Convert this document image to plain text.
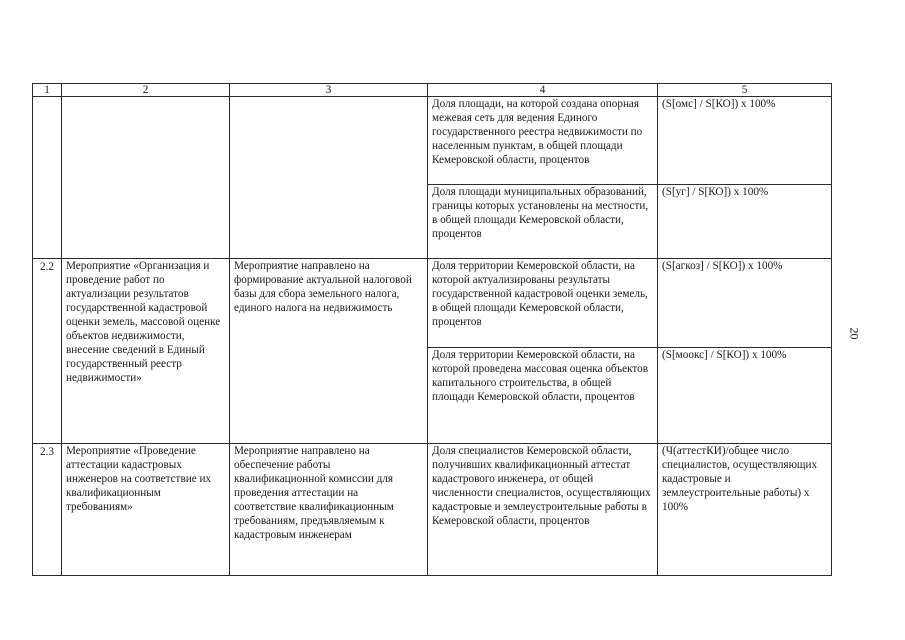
1	2	3	4	5
			Доля площади, на которой создана опорная межевая сеть для ведения Единого государственного реестра недвижимости по населенным пунктам, в общей площади Кемеровской области, процентов	(S[омс] / S[КО]) x 100%
			Доля площади муниципальных образований, границы которых установлены на местности, в общей площади Кемеровской области, процентов	(S[уг] / S[КО]) x 100%
2.2	Мероприятие «Организация и проведение работ по актуализации результатов государственной кадастровой оценки земель, массовой оценке объектов недвижимости, внесение сведений в Единый государственный реестр недвижимости»	Мероприятие направлено на формирование актуальной налоговой базы для сбора земельного налога, единого налога на недвижимость	Доля территории Кемеровской области, на которой актуализированы результаты государственной кадастровой оценки земель, в общей площади Кемеровской области, процентов	(S[агкоз] / S[КО]) x 100%
			Доля территории Кемеровской области, на которой проведена массовая оценка объектов капитального строительства, в общей площади Кемеровской области, процентов	(S[моокс] / S[КО]) x 100%
2.3	Мероприятие «Проведение аттестации кадастровых инженеров на соответствие их квалификационным требованиям»	Мероприятие направлено на обеспечение работы квалификационной комиссии для проведения аттестации на соответствие квалификационным требованиям, предъявляемым к кадастровым инженерам	Доля специалистов Кемеровской области, получивших квалификационный аттестат кадастрового инженера, от общей численности специалистов, осуществляющих кадастровые и землеустроительные работы в Кемеровской области, процентов	(Ч(аттестКИ)/общее число специалистов, осуществляющих кадастровые и землеустроительные работы) x 100%
20
